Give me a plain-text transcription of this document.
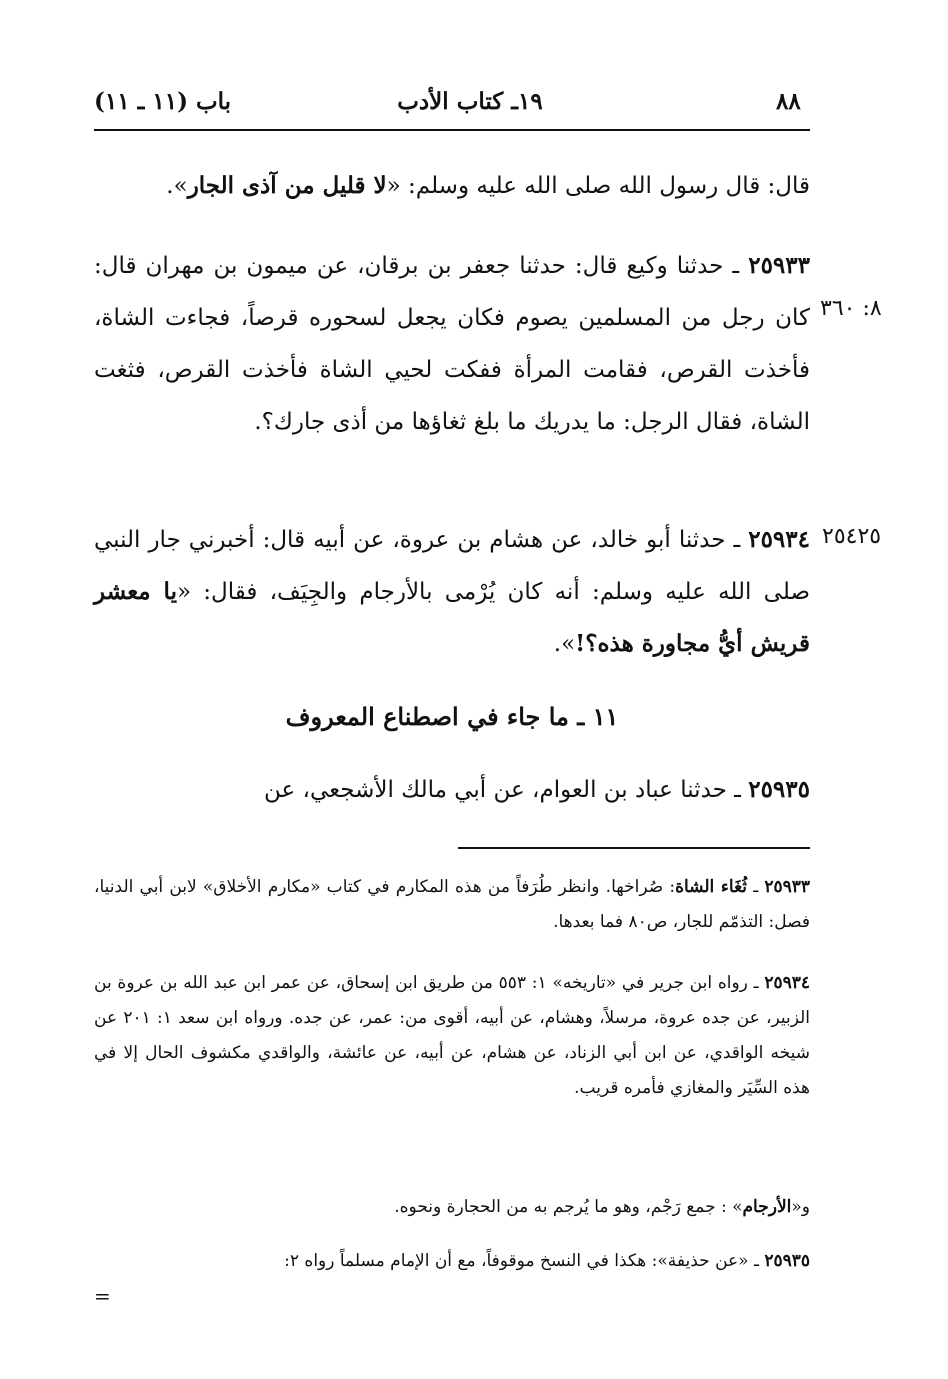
٨٨
١٩ـ كتاب الأدب
باب (١١ ـ ١١)
قال: قال رسول الله صلى الله عليه وسلم: «لا قليل من آذى الجار».
٢٥٩٣٣ ـ حدثنا وكيع قال: حدثنا جعفر بن برقان، عن ميمون بن مهران قال: كان رجل من المسلمين يصوم فكان يجعل لسحوره قرصاً، فجاءت الشاة، فأخذت القرص، فقامت المرأة ففكت لحيي الشاة فأخذت القرص، فثغت الشاة، فقال الرجل: ما يدريك ما بلغ ثغاؤها من أذى جارك؟.
٨: ٣٦٠
٢٥٩٣٤ ـ حدثنا أبو خالد، عن هشام بن عروة، عن أبيه قال: أخبرني جار النبي صلى الله عليه وسلم: أنه كان يُرْمى بالأرجام والجِيَف، فقال: «يا معشر قريش أيُّ مجاورة هذه؟!».
٢٥٤٢٥
١١ ـ ما جاء في اصطناع المعروف
٢٥٩٣٥ ـ حدثنا عباد بن العوام، عن أبي مالك الأشجعي، عن
٢٥٩٣٣ ـ ثُغَاء الشاة: صُراخها. وانظر طُرَفاً من هذه المكارم في كتاب «مكارم الأخلاق» لابن أبي الدنيا، فصل: التذمّم للجار، ص٨٠ فما بعدها.
٢٥٩٣٤ ـ رواه ابن جرير في «تاريخه» ١: ٥٥٣ من طريق ابن إسحاق، عن عمر ابن عبد الله بن عروة بن الزبير، عن جده عروة، مرسلاً، وهشام، عن أبيه، أقوى من: عمر، عن جده. ورواه ابن سعد ١: ٢٠١ عن شيخه الواقدي، عن ابن أبي الزناد، عن هشام، عن أبيه، عن عائشة، والواقدي مكشوف الحال إلا في هذه السِّيَر والمغازي فأمره قريب.
و«الأرجام» : جمع رَجْم، وهو ما يُرجم به من الحجارة ونحوه.
٢٥٩٣٥ ـ «عن حذيفة»: هكذا في النسخ موقوفاً، مع أن الإمام مسلماً رواه ٢:
=
